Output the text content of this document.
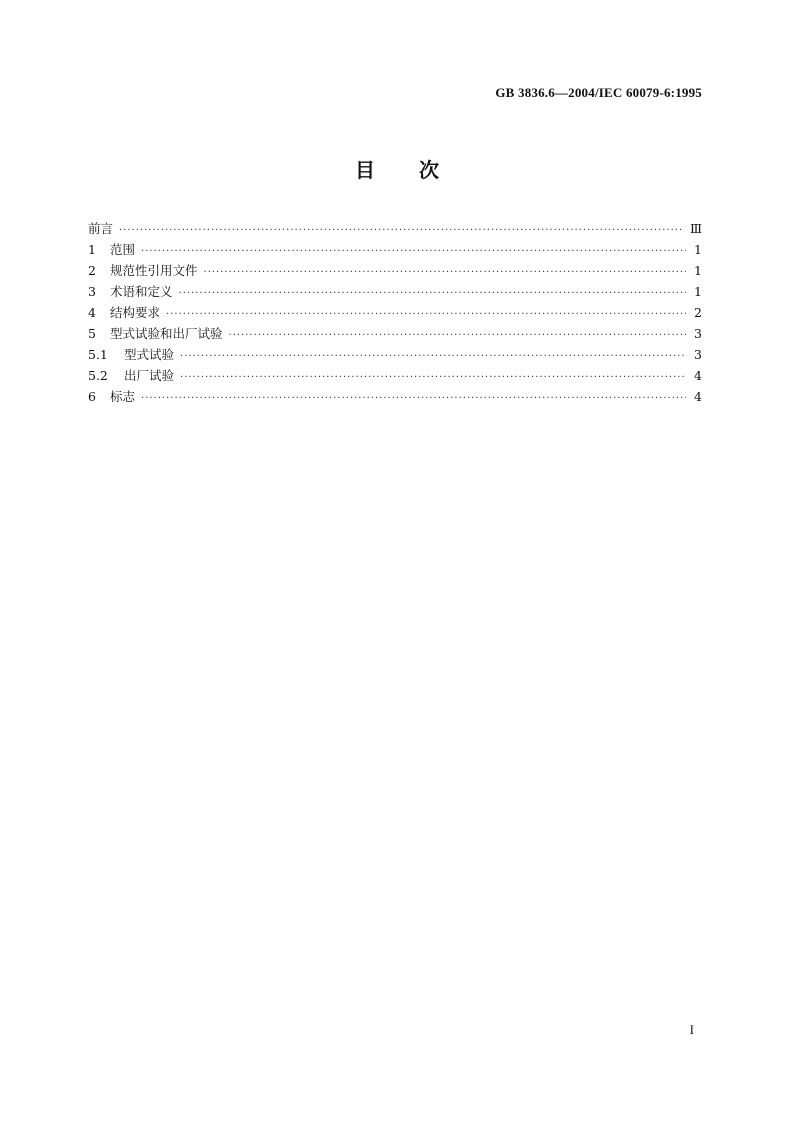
GB 3836.6—2004/IEC 60079-6:1995
目 次
前言 ·····	Ⅲ
1	范围 ·····	1
2	规范性引用文件 ·····	1
3	术语和定义 ·····	1
4	结构要求 ·····	2
5	型式试验和出厂试验 ·····	3
5.1	型式试验 ·····	3
5.2	出厂试验 ·····	4
6	标志 ·····	4
I
